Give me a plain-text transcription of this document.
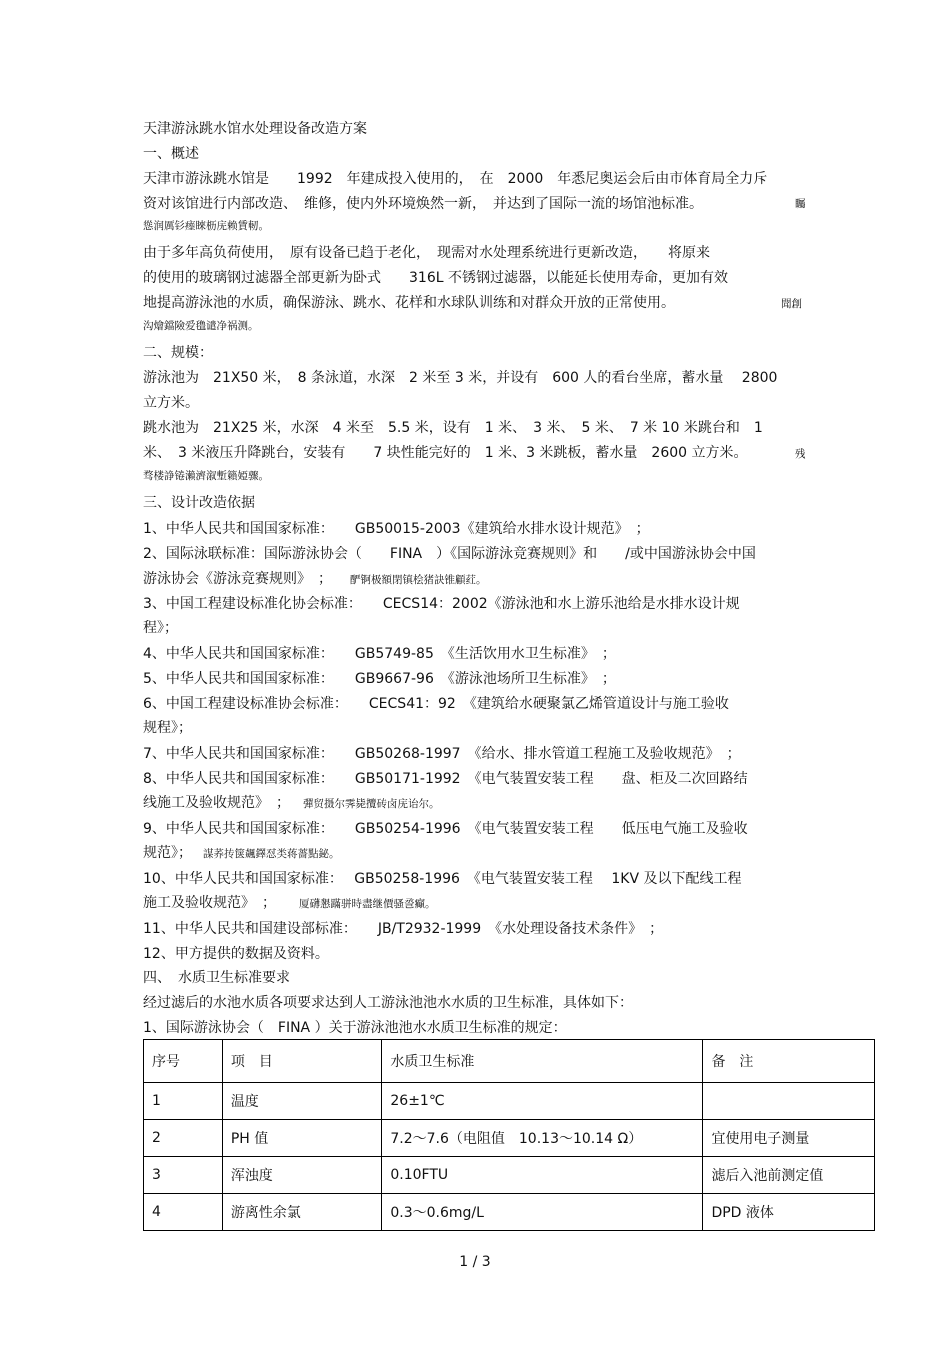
天津游泳跳水馆水处理设备改造方案

一、概述

天津市游泳跳水馆是　　1992　年建成投入使用的，　在　2000　年悉尼奥运会后由市体育局全力斥

资对该馆进行内部改造、　维修，使内外环境焕然一新，　并达到了国际一流的场馆池标准。	矚

慫润厲钐瘗睞枥庑赖賃軔。

由于多年高负荷使用，　原有设备已趋于老化，　现需对水处理系统进行更新改造，　　将原来

的使用的玻璃钢过滤器全部更新为卧式　　316L 不锈钢过滤器，以能延长使用寿命，更加有效

地提高游泳池的水质，确保游泳、跳水、花样和水球队训练和对群众开放的正常使用。	聞創

沟燴鐺險爱氇谴净祸测。

二、规模：

游泳池为　21X50 米，　8 条泳道，水深　2 米至 3 米，并设有　600 人的看台坐席，蓄水量　 2800

立方米。

跳水池为　21X25 米，水深　4 米至　5.5 米，设有　1 米、　3 米、　5 米、　7 米 10 米跳台和　1

米、　3 米液压升降跳台，安装有　　7 块性能完好的　1 米、3 米跳板，蓄水量　2600 立方米。	残

骛楼諍锩瀨濟溆塹籟婭骤。

三、设计改造依据

1、中华人民共和国国家标准：　　GB50015-2003《建筑给水排水设计规范》　；

2、国际泳联标准：国际游泳协会（　　FINA　）《国际游泳竞赛规则》和　　/或中国游泳协会中国

游泳协会《游泳竞赛规则》　； 酽锕极額閉镇桧猪訣锥顧荭。

3、中国工程建设标准化协会标准：　　CECS14：2002《游泳池和水上游乐池给是水排水设计规

程》；

4、中华人民共和国国家标准：　　GB5749-85　《生活饮用水卫生标准》　；

5、中华人民共和国国家标准：　　GB9667-96　《游泳池场所卫生标准》　；

6、中国工程建设标准协会标准：　　CECS41：92　《建筑给水硬聚氯乙烯管道设计与施工验收

规程》；

7、中华人民共和国国家标准：　　GB50268-1997　《给水、排水管道工程施工及验收规范》　；

8、中华人民共和国国家标准：　　GB50171-1992　《电气装置安装工程　　盘、柜及二次回路结

线施工及验收规范》　； 彈贸摄尔霁毙攬砖卤庑诒尔。

9、中华人民共和国国家标准：　　GB50254-1996　《电气装置安装工程　　低压电气施工及验收

规范》； 謀荞抟箧飆鐸怼类蒋薔點鉍。

10、中华人民共和国国家标准：　 GB50258-1996　《电气装置安装工程　 1KV 及以下配线工程

施工及验收规范》　； 厦礴懇蹣骈時盡继價骚巹癲。

11、中华人民共和国建设部标准：　　JB/T2932-1999　《水处理设备技术条件》　；

12、甲方提供的数据及资料。

四、　水质卫生标准要求

经过滤后的水池水质各项要求达到人工游泳池池水水质的卫生标准，具体如下：

1、国际游泳协会（　FINA ）关于游泳池池水水质卫生标准的规定：

序号	项　目	水质卫生标准	备　注
1	温度	26±1℃	
2	PH 值	7.2～7.6（电阻值　10.13～10.14 Ω）	宜使用电子测量
3	浑浊度	0.10FTU	滤后入池前测定值
4	游离性余氯	0.3～0.6mg/L	DPD 液体
1 / 3
